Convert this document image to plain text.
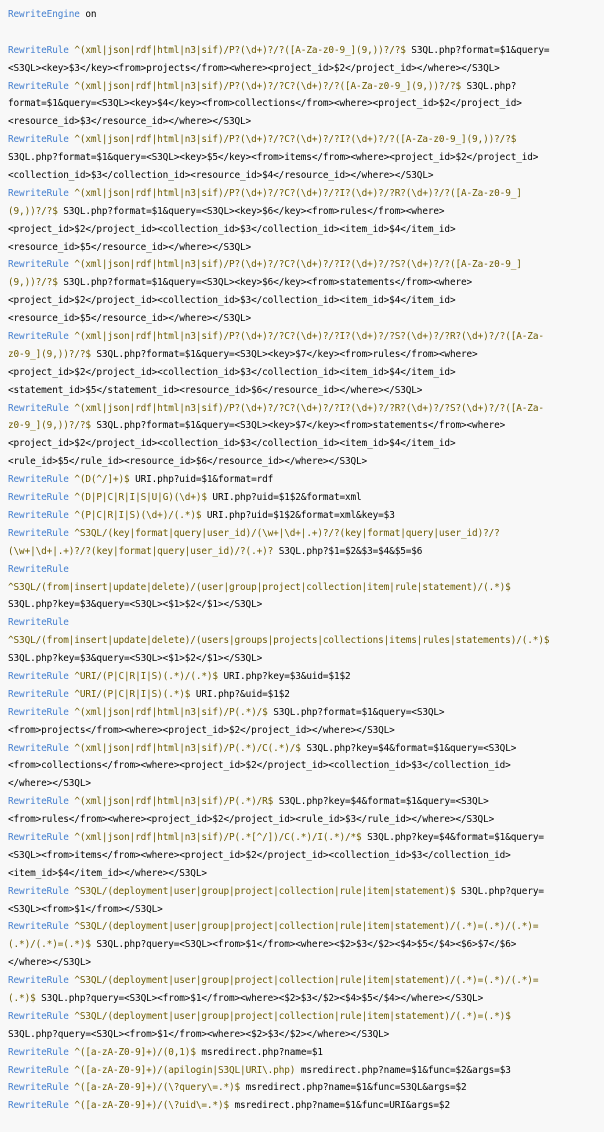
RewriteEngine on
RewriteRule ^(xml|json|rdf|html|n3|sif)/P?(\d+)?/?([A-Za-z0-9_](9,))?/?$ S3QL.php?format=$1&query=
<S3QL><key>$3</key><from>projects</from><where><project_id>$2</project_id></where></S3QL>
RewriteRule ^(xml|json|rdf|html|n3|sif)/P?(\d+)?/?C?(\d+)?/?([A-Za-z0-9_](9,))?/?$ S3QL.php?
format=$1&query=<S3QL><key>$4</key><from>collections</from><where><project_id>$2</project_id>
<resource_id>$3</resource_id></where></S3QL>
RewriteRule ^(xml|json|rdf|html|n3|sif)/P?(\d+)?/?C?(\d+)?/?I?(\d+)?/?([A-Za-z0-9_](9,))?/?$
S3QL.php?format=$1&query=<S3QL><key>$5</key><from>items</from><where><project_id>$2</project_id>
<collection_id>$3</collection_id><resource_id>$4</resource_id></where></S3QL>
RewriteRule ^(xml|json|rdf|html|n3|sif)/P?(\d+)?/?C?(\d+)?/?I?(\d+)?/?R?(\d+)?/?([A-Za-z0-9_]
(9,))?/?$ S3QL.php?format=$1&query=<S3QL><key>$6</key><from>rules</from><where>
<project_id>$2</project_id><collection_id>$3</collection_id><item_id>$4</item_id>
<resource_id>$5</resource_id></where></S3QL>
RewriteRule ^(xml|json|rdf|html|n3|sif)/P?(\d+)?/?C?(\d+)?/?I?(\d+)?/?S?(\d+)?/?([A-Za-z0-9_]
(9,))?/?$ S3QL.php?format=$1&query=<S3QL><key>$6</key><from>statements</from><where>
<project_id>$2</project_id><collection_id>$3</collection_id><item_id>$4</item_id>
<resource_id>$5</resource_id></where></S3QL>
RewriteRule ^(xml|json|rdf|html|n3|sif)/P?(\d+)?/?C?(\d+)?/?I?(\d+)?/?S?(\d+)?/?R?(\d+)?/?([A-Za-
z0-9_](9,))?/?$ S3QL.php?format=$1&query=<S3QL><key>$7</key><from>rules</from><where>
<project_id>$2</project_id><collection_id>$3</collection_id><item_id>$4</item_id>
<statement_id>$5</statement_id><resource_id>$6</resource_id></where></S3QL>
RewriteRule ^(xml|json|rdf|html|n3|sif)/P?(\d+)?/?C?(\d+)?/?I?(\d+)?/?R?(\d+)?/?S?(\d+)?/?([A-Za-
z0-9_](9,))?/?$ S3QL.php?format=$1&query=<S3QL><key>$7</key><from>statements</from><where>
<project_id>$2</project_id><collection_id>$3</collection_id><item_id>$4</item_id>
<rule_id>$5</rule_id><resource_id>$6</resource_id></where></S3QL>
RewriteRule ^(D(^/]+)$ URI.php?uid=$1&format=rdf
RewriteRule ^(D|P|C|R|I|S|U|G)(\d+)$ URI.php?uid=$1$2&format=xml
RewriteRule ^(P|C|R|I|S)(\d+)/(.*)$ URI.php?uid=$1$2&format=xml&key=$3
RewriteRule ^S3QL/(key|format|query|user_id)/(\w+|\d+|.+)?/?(key|format|query|user_id)?/?
(\w+|\d+|.+)?/?(key|format|query|user_id)/?(.+)? S3QL.php?$1=$2&$3=$4&$5=$6
RewriteRule
^S3QL/(from|insert|update|delete)/(user|group|project|collection|item|rule|statement)/(.*)$
S3QL.php?key=$3&query=<S3QL><$1>$2</$1></S3QL>
RewriteRule
^S3QL/(from|insert|update|delete)/(users|groups|projects|collections|items|rules|statements)/(.*)$
S3QL.php?key=$3&query=<S3QL><$1>$2</$1></S3QL>
RewriteRule ^URI/(P|C|R|I|S)(.*)/(.*)$ URI.php?key=$3&uid=$1$2
RewriteRule ^URI/(P|C|R|I|S)(.*)$ URI.php?&uid=$1$2
RewriteRule ^(xml|json|rdf|html|n3|sif)/P(.*)/$ S3QL.php?format=$1&query=<S3QL>
<from>projects</from><where><project_id>$2</project_id></where></S3QL>
RewriteRule ^(xml|json|rdf|html|n3|sif)/P(.*)/C(.*)/$ S3QL.php?key=$4&format=$1&query=<S3QL>
<from>collections</from><where><project_id>$2</project_id><collection_id>$3</collection_id>
</where></S3QL>
RewriteRule ^(xml|json|rdf|html|n3|sif)/P(.*)/R$ S3QL.php?key=$4&format=$1&query=<S3QL>
<from>rules</from><where><project_id>$2</project_id><rule_id>$3</rule_id></where></S3QL>
RewriteRule ^(xml|json|rdf|html|n3|sif)/P(.*[^/])/C(.*)/I(.*)/*$ S3QL.php?key=$4&format=$1&query=
<S3QL><from>items</from><where><project_id>$2</project_id><collection_id>$3</collection_id>
<item_id>$4</item_id></where></S3QL>
RewriteRule ^S3QL/(deployment|user|group|project|collection|rule|item|statement)$ S3QL.php?query=
<S3QL><from>$1</from></S3QL>
RewriteRule ^S3QL/(deployment|user|group|project|collection|rule|item|statement)/(.*)=(.*)/(.*)=
(.*)/(.*)=(.*)$ S3QL.php?query=<S3QL><from>$1</from><where><$2>$3</$2><$4>$5</$4><$6>$7</$6>
</where></S3QL>
RewriteRule ^S3QL/(deployment|user|group|project|collection|rule|item|statement)/(.*)=(.*)/(.*)=
(.*)$ S3QL.php?query=<S3QL><from>$1</from><where><$2>$3</$2><$4>$5</$4></where></S3QL>
RewriteRule ^S3QL/(deployment|user|group|project|collection|rule|item|statement)/(.*)=(.*)$
S3QL.php?query=<S3QL><from>$1</from><where><$2>$3</$2></where></S3QL>
RewriteRule ^([a-zA-Z0-9]+)/(0,1)$ msredirect.php?name=$1
RewriteRule ^([a-zA-Z0-9]+)/(apilogin|S3QL|URI\.php) msredirect.php?name=$1&func=$2&args=$3
RewriteRule ^([a-zA-Z0-9]+)/(\?query\=.*)$ msredirect.php?name=$1&func=S3QL&args=$2
RewriteRule ^([a-zA-Z0-9]+)/(\?uid\=.*)$ msredirect.php?name=$1&func=URI&args=$2
